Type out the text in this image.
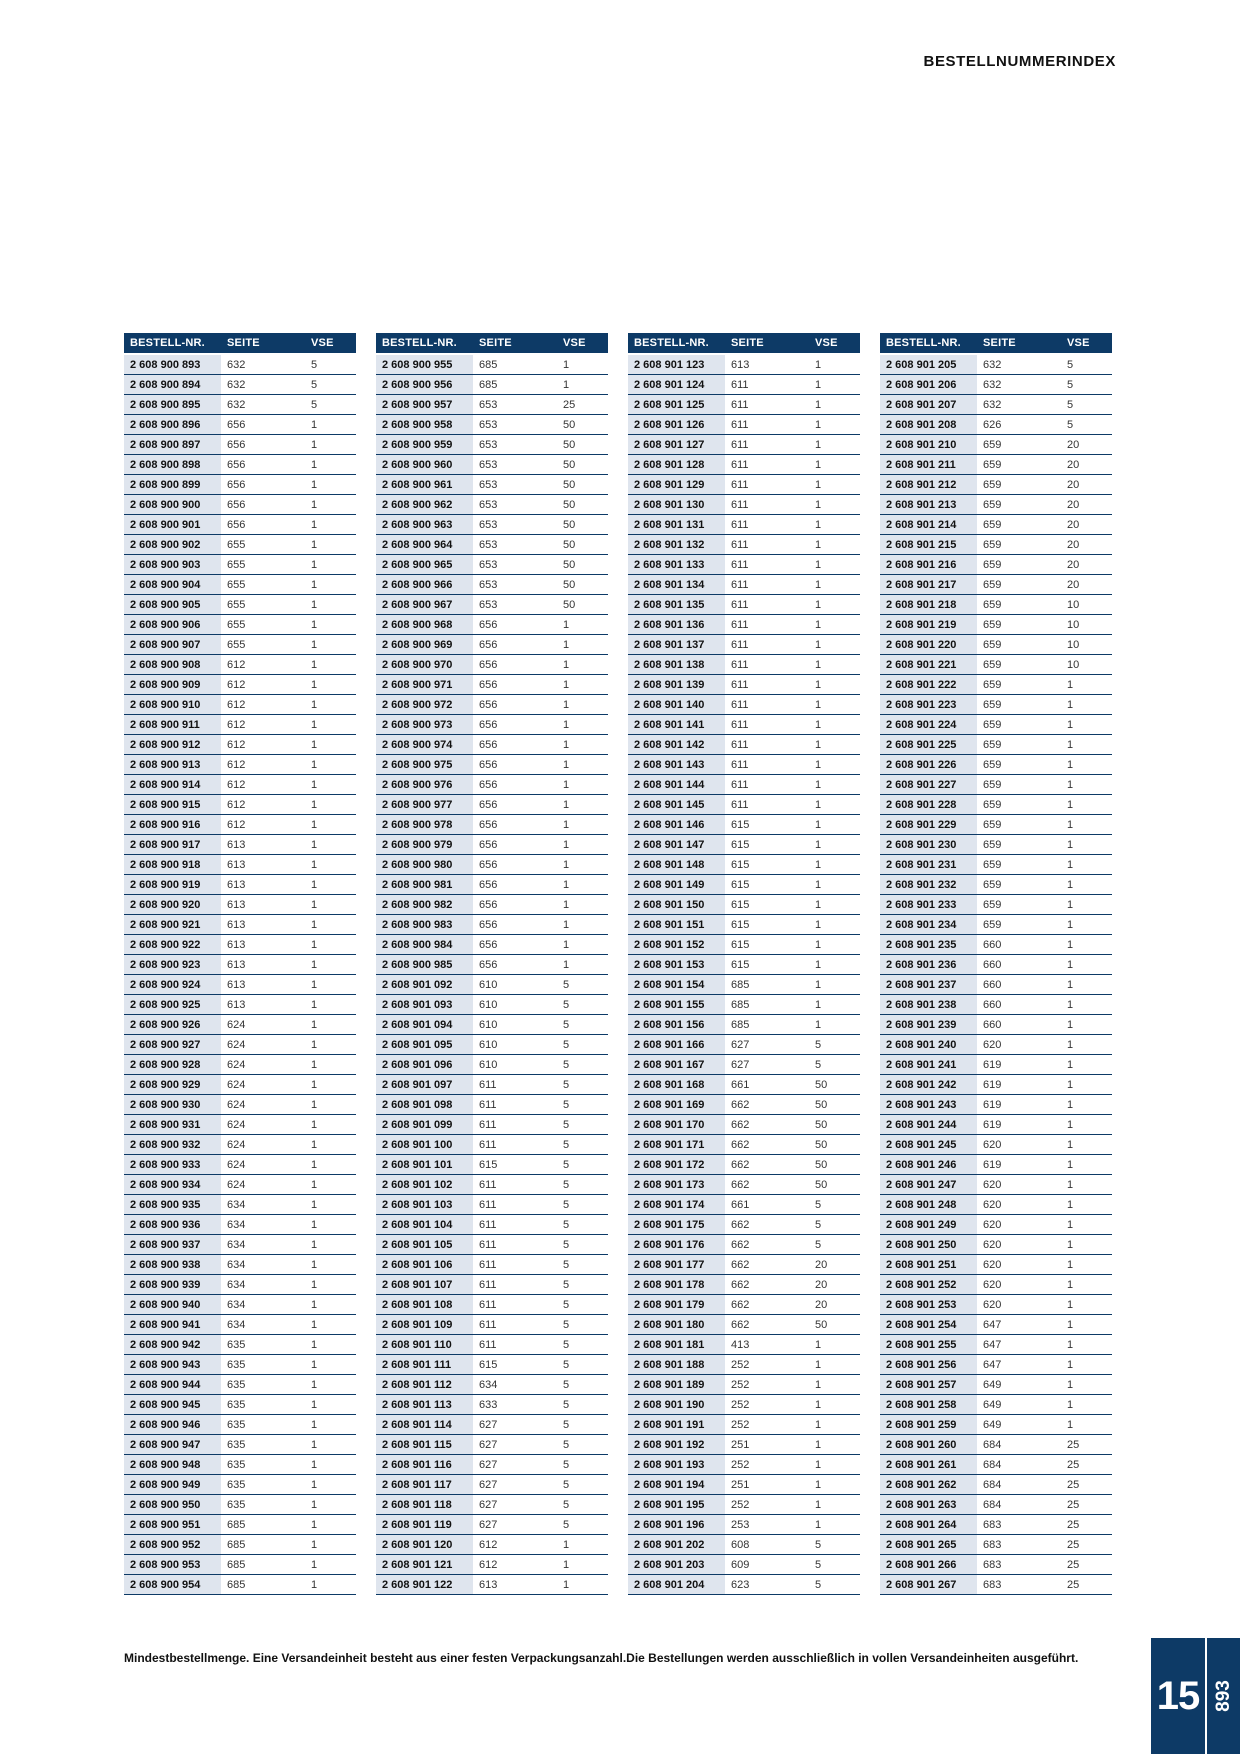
BESTELLNUMMERINDEX
BESTELL-NR.	SEITE	VSE

2 608 900 893	632	5
2 608 900 894	632	5
2 608 900 895	632	5
2 608 900 896	656	1
2 608 900 897	656	1
2 608 900 898	656	1
2 608 900 899	656	1
2 608 900 900	656	1
2 608 900 901	656	1
2 608 900 902	655	1
2 608 900 903	655	1
2 608 900 904	655	1
2 608 900 905	655	1
2 608 900 906	655	1
2 608 900 907	655	1
2 608 900 908	612	1
2 608 900 909	612	1
2 608 900 910	612	1
2 608 900 911	612	1
2 608 900 912	612	1
2 608 900 913	612	1
2 608 900 914	612	1
2 608 900 915	612	1
2 608 900 916	612	1
2 608 900 917	613	1
2 608 900 918	613	1
2 608 900 919	613	1
2 608 900 920	613	1
2 608 900 921	613	1
2 608 900 922	613	1
2 608 900 923	613	1
2 608 900 924	613	1
2 608 900 925	613	1
2 608 900 926	624	1
2 608 900 927	624	1
2 608 900 928	624	1
2 608 900 929	624	1
2 608 900 930	624	1
2 608 900 931	624	1
2 608 900 932	624	1
2 608 900 933	624	1
2 608 900 934	624	1
2 608 900 935	634	1
2 608 900 936	634	1
2 608 900 937	634	1
2 608 900 938	634	1
2 608 900 939	634	1
2 608 900 940	634	1
2 608 900 941	634	1
2 608 900 942	635	1
2 608 900 943	635	1
2 608 900 944	635	1
2 608 900 945	635	1
2 608 900 946	635	1
2 608 900 947	635	1
2 608 900 948	635	1
2 608 900 949	635	1
2 608 900 950	635	1
2 608 900 951	685	1
2 608 900 952	685	1
2 608 900 953	685	1
2 608 900 954	685	1
BESTELL-NR.	SEITE	VSE

2 608 900 955	685	1
2 608 900 956	685	1
2 608 900 957	653	25
2 608 900 958	653	50
2 608 900 959	653	50
2 608 900 960	653	50
2 608 900 961	653	50
2 608 900 962	653	50
2 608 900 963	653	50
2 608 900 964	653	50
2 608 900 965	653	50
2 608 900 966	653	50
2 608 900 967	653	50
2 608 900 968	656	1
2 608 900 969	656	1
2 608 900 970	656	1
2 608 900 971	656	1
2 608 900 972	656	1
2 608 900 973	656	1
2 608 900 974	656	1
2 608 900 975	656	1
2 608 900 976	656	1
2 608 900 977	656	1
2 608 900 978	656	1
2 608 900 979	656	1
2 608 900 980	656	1
2 608 900 981	656	1
2 608 900 982	656	1
2 608 900 983	656	1
2 608 900 984	656	1
2 608 900 985	656	1
2 608 901 092	610	5
2 608 901 093	610	5
2 608 901 094	610	5
2 608 901 095	610	5
2 608 901 096	610	5
2 608 901 097	611	5
2 608 901 098	611	5
2 608 901 099	611	5
2 608 901 100	611	5
2 608 901 101	615	5
2 608 901 102	611	5
2 608 901 103	611	5
2 608 901 104	611	5
2 608 901 105	611	5
2 608 901 106	611	5
2 608 901 107	611	5
2 608 901 108	611	5
2 608 901 109	611	5
2 608 901 110	611	5
2 608 901 111	615	5
2 608 901 112	634	5
2 608 901 113	633	5
2 608 901 114	627	5
2 608 901 115	627	5
2 608 901 116	627	5
2 608 901 117	627	5
2 608 901 118	627	5
2 608 901 119	627	5
2 608 901 120	612	1
2 608 901 121	612	1
2 608 901 122	613	1
BESTELL-NR.	SEITE	VSE

2 608 901 123	613	1
2 608 901 124	611	1
2 608 901 125	611	1
2 608 901 126	611	1
2 608 901 127	611	1
2 608 901 128	611	1
2 608 901 129	611	1
2 608 901 130	611	1
2 608 901 131	611	1
2 608 901 132	611	1
2 608 901 133	611	1
2 608 901 134	611	1
2 608 901 135	611	1
2 608 901 136	611	1
2 608 901 137	611	1
2 608 901 138	611	1
2 608 901 139	611	1
2 608 901 140	611	1
2 608 901 141	611	1
2 608 901 142	611	1
2 608 901 143	611	1
2 608 901 144	611	1
2 608 901 145	611	1
2 608 901 146	615	1
2 608 901 147	615	1
2 608 901 148	615	1
2 608 901 149	615	1
2 608 901 150	615	1
2 608 901 151	615	1
2 608 901 152	615	1
2 608 901 153	615	1
2 608 901 154	685	1
2 608 901 155	685	1
2 608 901 156	685	1
2 608 901 166	627	5
2 608 901 167	627	5
2 608 901 168	661	50
2 608 901 169	662	50
2 608 901 170	662	50
2 608 901 171	662	50
2 608 901 172	662	50
2 608 901 173	662	50
2 608 901 174	661	5
2 608 901 175	662	5
2 608 901 176	662	5
2 608 901 177	662	20
2 608 901 178	662	20
2 608 901 179	662	20
2 608 901 180	662	50
2 608 901 181	413	1
2 608 901 188	252	1
2 608 901 189	252	1
2 608 901 190	252	1
2 608 901 191	252	1
2 608 901 192	251	1
2 608 901 193	252	1
2 608 901 194	251	1
2 608 901 195	252	1
2 608 901 196	253	1
2 608 901 202	608	5
2 608 901 203	609	5
2 608 901 204	623	5
BESTELL-NR.	SEITE	VSE

2 608 901 205	632	5
2 608 901 206	632	5
2 608 901 207	632	5
2 608 901 208	626	5
2 608 901 210	659	20
2 608 901 211	659	20
2 608 901 212	659	20
2 608 901 213	659	20
2 608 901 214	659	20
2 608 901 215	659	20
2 608 901 216	659	20
2 608 901 217	659	20
2 608 901 218	659	10
2 608 901 219	659	10
2 608 901 220	659	10
2 608 901 221	659	10
2 608 901 222	659	1
2 608 901 223	659	1
2 608 901 224	659	1
2 608 901 225	659	1
2 608 901 226	659	1
2 608 901 227	659	1
2 608 901 228	659	1
2 608 901 229	659	1
2 608 901 230	659	1
2 608 901 231	659	1
2 608 901 232	659	1
2 608 901 233	659	1
2 608 901 234	659	1
2 608 901 235	660	1
2 608 901 236	660	1
2 608 901 237	660	1
2 608 901 238	660	1
2 608 901 239	660	1
2 608 901 240	620	1
2 608 901 241	619	1
2 608 901 242	619	1
2 608 901 243	619	1
2 608 901 244	619	1
2 608 901 245	620	1
2 608 901 246	619	1
2 608 901 247	620	1
2 608 901 248	620	1
2 608 901 249	620	1
2 608 901 250	620	1
2 608 901 251	620	1
2 608 901 252	620	1
2 608 901 253	620	1
2 608 901 254	647	1
2 608 901 255	647	1
2 608 901 256	647	1
2 608 901 257	649	1
2 608 901 258	649	1
2 608 901 259	649	1
2 608 901 260	684	25
2 608 901 261	684	25
2 608 901 262	684	25
2 608 901 263	684	25
2 608 901 264	683	25
2 608 901 265	683	25
2 608 901 266	683	25
2 608 901 267	683	25
Mindestbestellmenge. Eine Versandeinheit besteht aus einer festen Verpackungsanzahl.Die Bestellungen werden ausschließlich in vollen Versandeinheiten ausgeführt.
15 893
